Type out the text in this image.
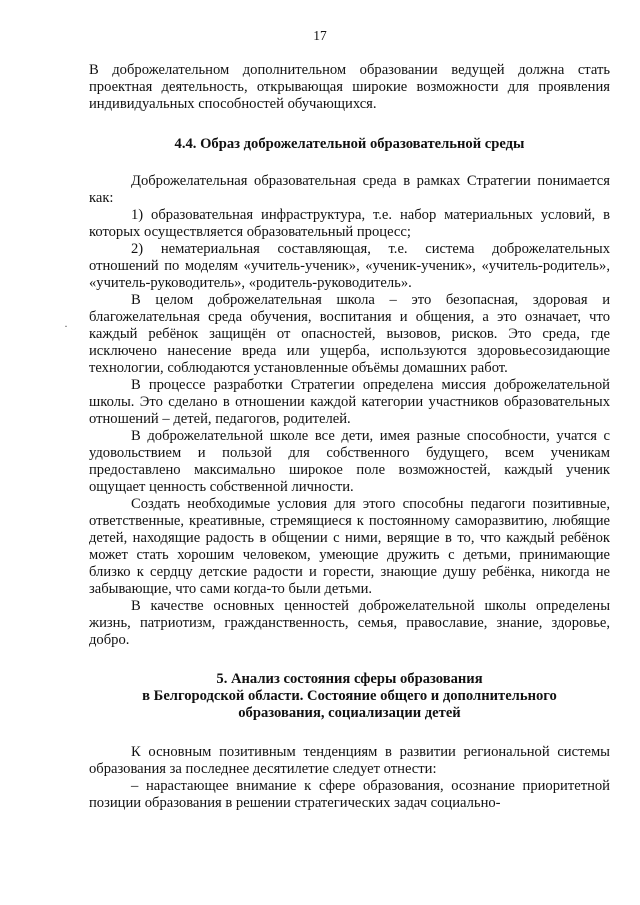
17
·

В доброжелательном дополнительном образовании ведущей должна стать проектная деятельность, открывающая широкие возможности для проявления индивидуальных способностей обучающихся.

4.4. Образ доброжелательной образовательной среды

Доброжелательная образовательная среда в рамках Стратегии понимается как:

1) образовательная инфраструктура, т.е. набор материальных условий, в которых осуществляется образовательный процесс;

2) нематериальная составляющая, т.е. система доброжелательных отношений по моделям «учитель-ученик», «ученик-ученик», «учитель-родитель», «учитель-руководитель», «родитель-руководитель».

В целом доброжелательная школа – это безопасная, здоровая и благожелательная среда обучения, воспитания и общения, а это означает, что каждый ребёнок защищён от опасностей, вызовов, рисков. Это среда, где исключено нанесение вреда или ущерба, используются здоровьесозидающие технологии, соблюдаются установленные объёмы домашних работ.

В процессе разработки Стратегии определена миссия доброжелательной школы. Это сделано в отношении каждой категории участников образовательных отношений – детей, педагогов, родителей.

В доброжелательной школе все дети, имея разные способности, учатся с удовольствием и пользой для собственного будущего, всем ученикам предоставлено максимально широкое поле возможностей, каждый ученик ощущает ценность собственной личности.

Создать необходимые условия для этого способны педагоги позитивные, ответственные, креативные, стремящиеся к постоянному саморазвитию, любящие детей, находящие радость в общении с ними, верящие в то, что каждый ребёнок может стать хорошим человеком, умеющие дружить с детьми, принимающие близко к сердцу детские радости и горести, знающие душу ребёнка, никогда не забывающие, что сами когда-то были детьми.

В качестве основных ценностей доброжелательной школы определены жизнь, патриотизм, гражданственность, семья, православие, знание, здоровье, добро.

5. Анализ состояния сферы образования
в Белгородской области. Состояние общего и дополнительного
образования, социализации детей

К основным позитивным тенденциям в развитии региональной системы образования за последнее десятилетие следует отнести:

– нарастающее внимание к сфере образования, осознание приоритетной позиции образования в решении стратегических задач социально-
